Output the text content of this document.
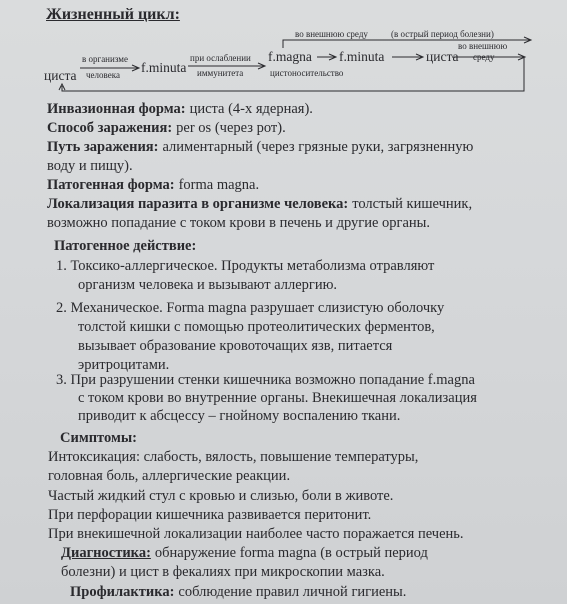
Жизненный цикл:
циста
в организме
человека f.minuta
при ослаблении
иммунитета
f.magna f.minuta	циста
во внешнюю среду	(в острый период болезни)
во внешнюю
среду
цистоносительство
Инвазионная форма: циста (4-х ядерная).
Способ заражения: per os (через рот).
Путь заражения: алиментарный (через грязные руки, загрязненную
воду и пищу).
Патогенная форма: forma magna.
Локализация паразита в организме человека: толстый кишечник,
возможно попадание с током крови в печень и другие органы.
Патогенное действие:
1. Токсико-аллергическое. Продукты метаболизма отравляют
организм человека и вызывают аллергию.
2. Механическое. Forma magna разрушает слизистую оболочку
толстой кишки с помощью протеолитических ферментов,
вызывает образование кровоточащих язв, питается
эритроцитами.
3. При разрушении стенки кишечника возможно попадание f.magna
с током крови во внутренние органы. Внекишечная локализация
приводит к абсцессу – гнойному воспалению ткани.
Симптомы:
Интоксикация: слабость, вялость, повышение температуры,
головная боль, аллергические реакции.
Частый жидкий стул с кровью и слизью, боли в животе.
При перфорации кишечника развивается перитонит.
При внекишечной локализации наиболее часто поражается печень.
Диагностика: обнаружение forma magna (в острый период
болезни) и цист в фекалиях при микроскопии мазка.
Профилактика: соблюдение правил личной гигиены.
